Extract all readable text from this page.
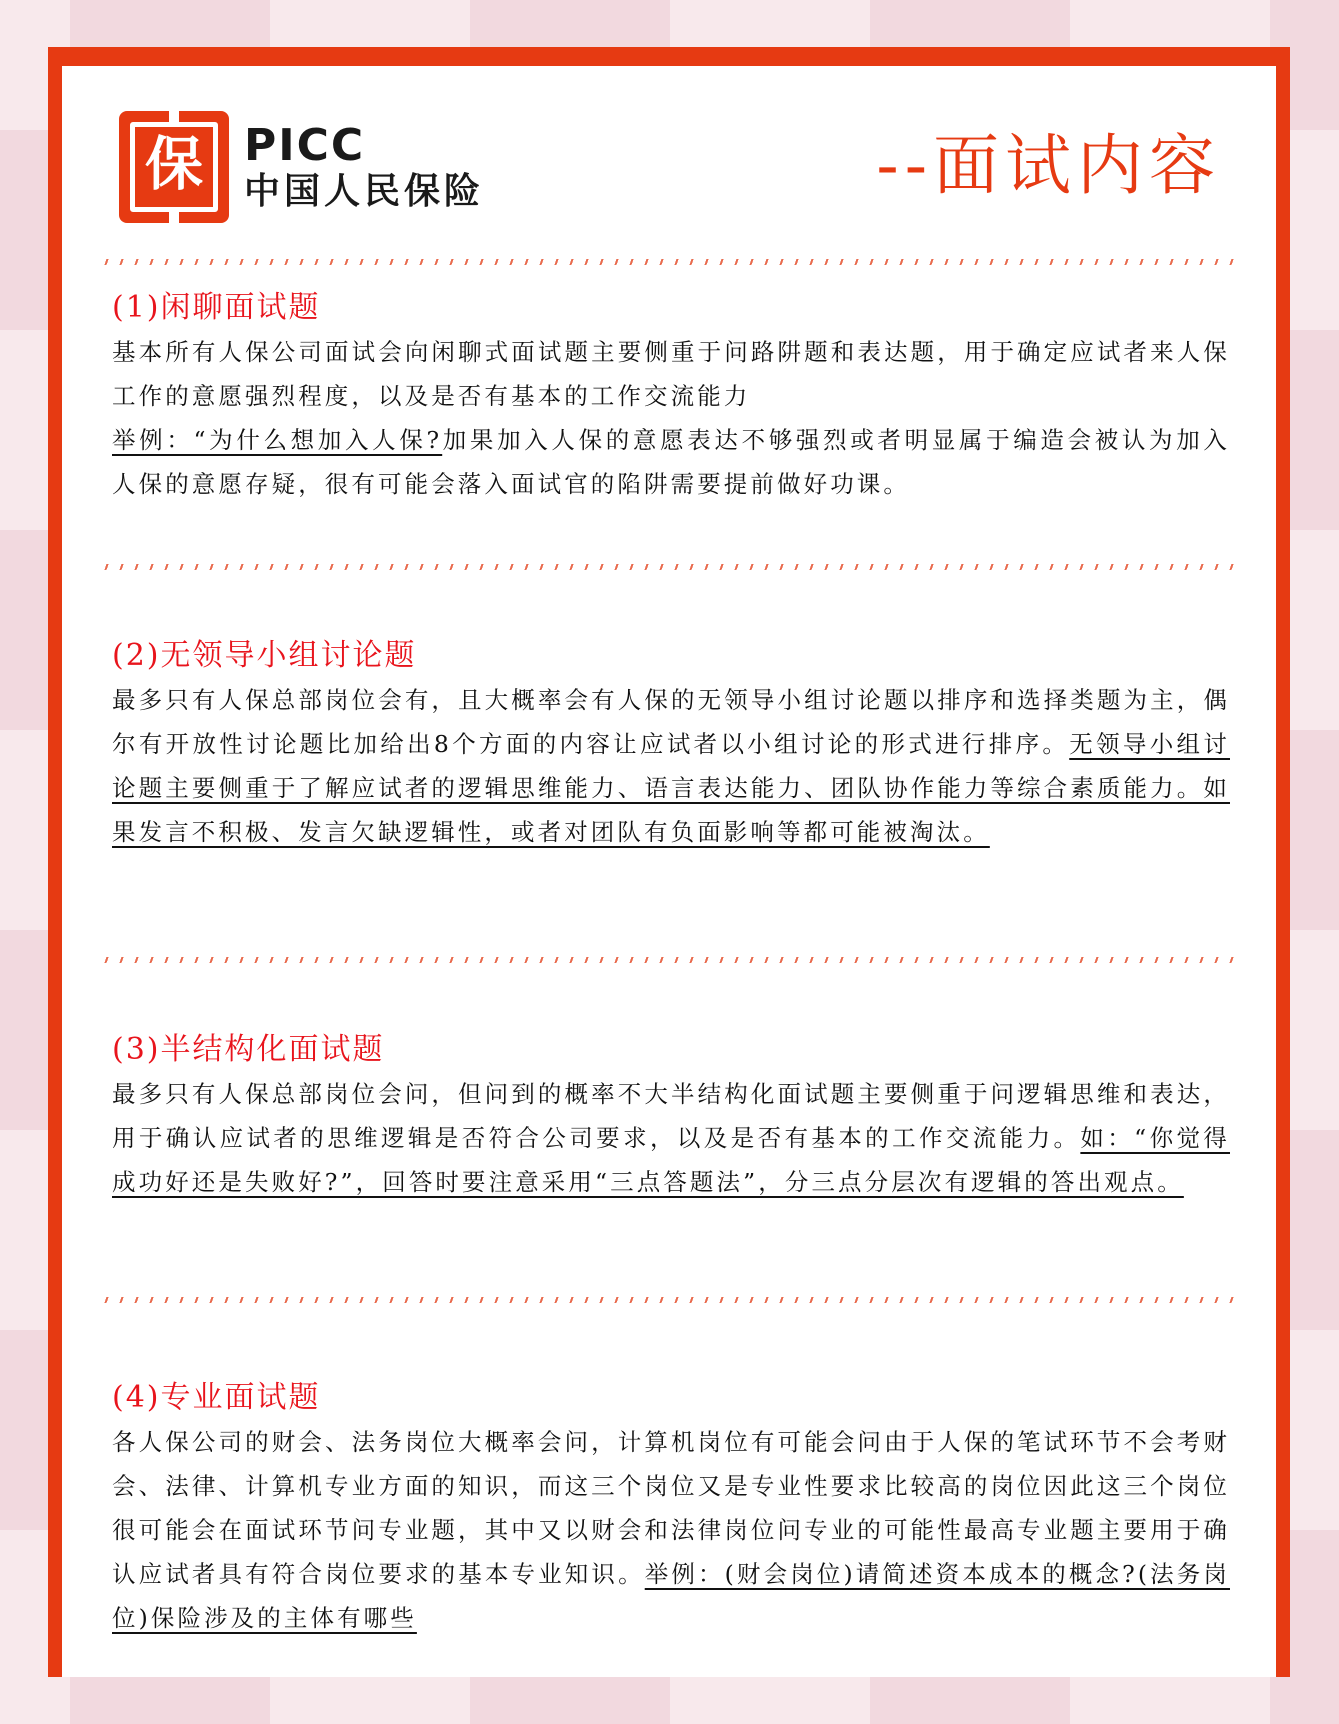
保 PICC
中国人民保险	--面试内容
(1)闲聊面试题

基本所有人保公司面试会向闲聊式面试题主要侧重于问路阱题和表达题，用于确定应试者来人保工作的意愿强烈程度，以及是否有基本的工作交流能力
举例：“为什么想加入人保?加果加入人保的意愿表达不够强烈或者明显属于编造会被认为加入人保的意愿存疑，很有可能会落入面试官的陷阱需要提前做好功课。

(2)无领导小组讨论题

最多只有人保总部岗位会有，且大概率会有人保的无领导小组讨论题以排序和选择类题为主，偶尔有开放性讨论题比加给出8个方面的内容让应试者以小组讨论的形式进行排序。无领导小组讨论题主要侧重于了解应试者的逻辑思维能力、语言表达能力、团队协作能力等综合素质能力。如果发言不积极、发言欠缺逻辑性，或者对团队有负面影响等都可能被淘汰。

(3)半结构化面试题

最多只有人保总部岗位会问，但问到的概率不大半结构化面试题主要侧重于问逻辑思维和表达，用于确认应试者的思维逻辑是否符合公司要求，以及是否有基本的工作交流能力。如：“你觉得成功好还是失败好?”，回答时要注意采用“三点答题法”，分三点分层次有逻辑的答出观点。

(4)专业面试题

各人保公司的财会、法务岗位大概率会问，计算机岗位有可能会问由于人保的笔试环节不会考财会、法律、计算机专业方面的知识，而这三个岗位又是专业性要求比较高的岗位因此这三个岗位很可能会在面试环节问专业题，其中又以财会和法律岗位问专业的可能性最高专业题主要用于确认应试者具有符合岗位要求的基本专业知识。举例：(财会岗位)请简述资本成本的概念?(法务岗位)保险涉及的主体有哪些
